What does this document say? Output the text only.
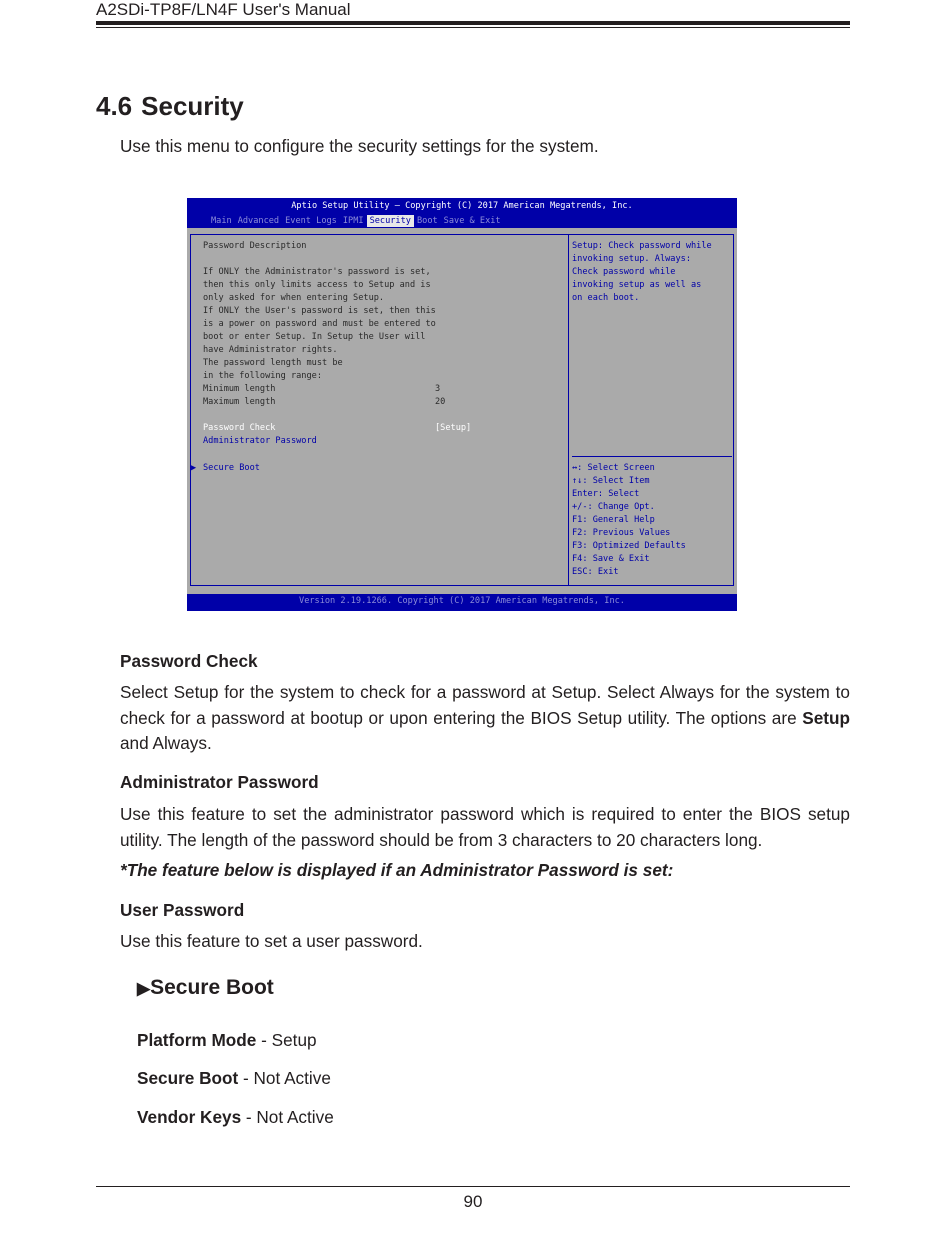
A2SDi-TP8F/LN4F User's Manual
4.6 Security
Use this menu to configure the security settings for the system.
Aptio Setup Utility – Copyright (C) 2017 American Megatrends, Inc.
Main Advanced Event Logs IPMI Security Boot Save & Exit
Password Description
If ONLY the Administrator's password is set,
then this only limits access to Setup and is
only asked for when entering Setup.
If ONLY the User's password is set, then this
is a power on password and must be entered to
boot or enter Setup. In Setup the User will
have Administrator rights.
The password length must be
in the following range:
Minimum length	3
Maximum length	20
Password Check	[Setup]
Administrator Password
▶ Secure Boot
Setup: Check password while
invoking setup. Always:
Check password while
invoking setup as well as
on each boot.
↔: Select Screen
↑↓: Select Item
Enter: Select
+/-: Change Opt.
F1: General Help
F2: Previous Values
F3: Optimized Defaults
F4: Save & Exit
ESC: Exit
Version 2.19.1266. Copyright (C) 2017 American Megatrends, Inc.
Password Check
Select Setup for the system to check for a password at Setup. Select Always for the system to check for a password at bootup or upon entering the BIOS Setup utility. The options are Setup and Always.
Administrator Password
Use this feature to set the administrator password which is required to enter the BIOS setup utility. The length of the password should be from 3 characters to 20 characters long.
*The feature below is displayed if an Administrator Password is set:
User Password
Use this feature to set a user password.
▶Secure Boot
Platform Mode - Setup
Secure Boot - Not Active
Vendor Keys - Not Active
90
